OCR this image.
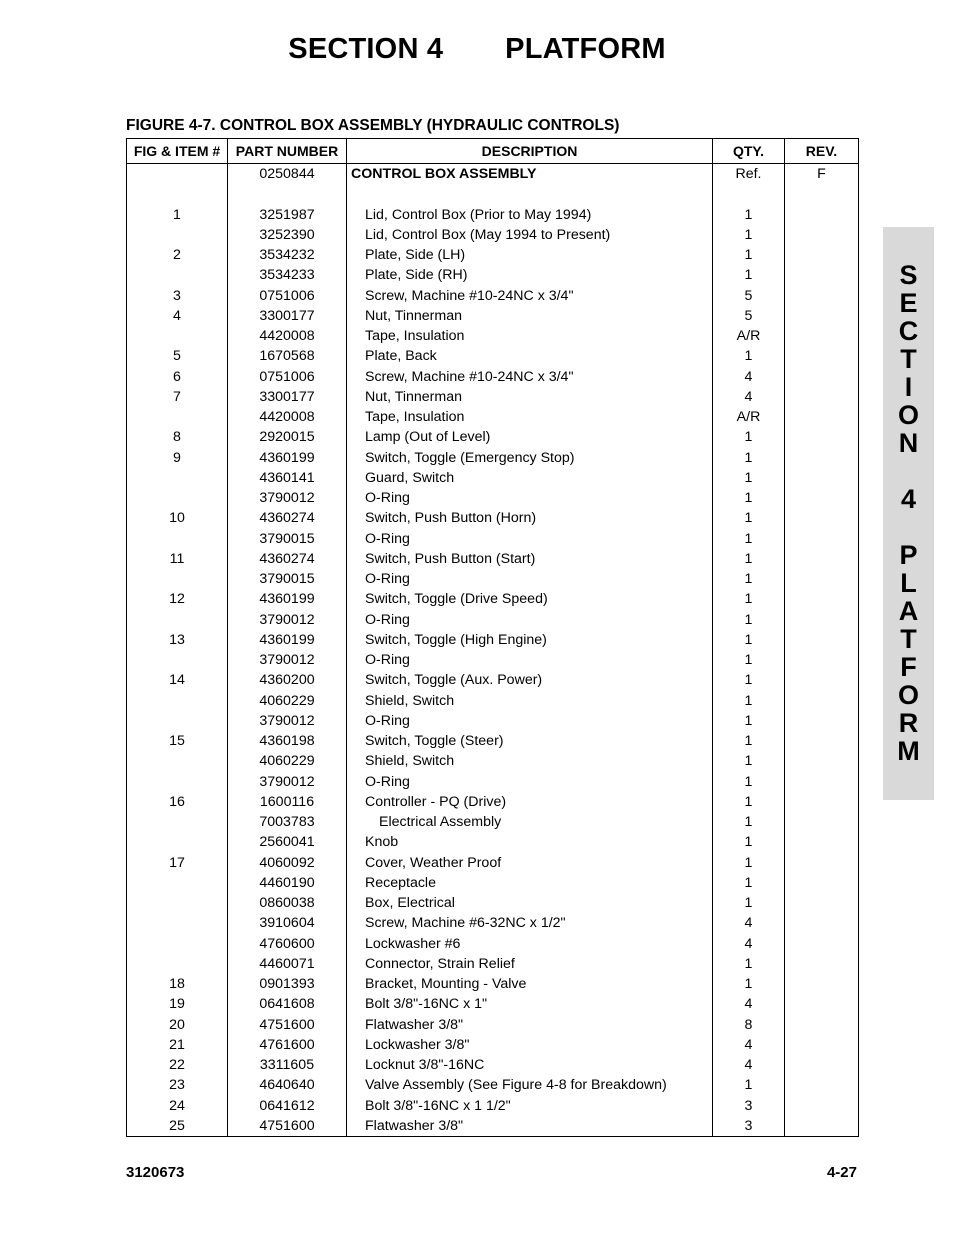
SECTION 4 PLATFORM
FIGURE 4-7. CONTROL BOX ASSEMBLY (HYDRAULIC CONTROLS)
FIG & ITEM #	PART NUMBER	DESCRIPTION	QTY.	REV.
	0250844	CONTROL BOX ASSEMBLY	Ref.	F

1	3251987	Lid, Control Box (Prior to May 1994)	1	
	3252390	Lid, Control Box (May 1994 to Present)	1	
2	3534232	Plate, Side (LH)	1	
	3534233	Plate, Side (RH)	1	
3	0751006	Screw, Machine #10-24NC x 3/4"	5	
4	3300177	Nut, Tinnerman	5	
	4420008	Tape, Insulation	A/R	
5	1670568	Plate, Back	1	
6	0751006	Screw, Machine #10-24NC x 3/4"	4	
7	3300177	Nut, Tinnerman	4	
	4420008	Tape, Insulation	A/R	
8	2920015	Lamp (Out of Level)	1	
9	4360199	Switch, Toggle (Emergency Stop)	1	
	4360141	Guard, Switch	1	
	3790012	O-Ring	1	
10	4360274	Switch, Push Button (Horn)	1	
	3790015	O-Ring	1	
11	4360274	Switch, Push Button (Start)	1	
	3790015	O-Ring	1	
12	4360199	Switch, Toggle (Drive Speed)	1	
	3790012	O-Ring	1	
13	4360199	Switch, Toggle (High Engine)	1	
	3790012	O-Ring	1	
14	4360200	Switch, Toggle (Aux. Power)	1	
	4060229	Shield, Switch	1	
	3790012	O-Ring	1	
15	4360198	Switch, Toggle (Steer)	1	
	4060229	Shield, Switch	1	
	3790012	O-Ring	1	
16	1600116	Controller - PQ (Drive)	1	
	7003783	Electrical Assembly	1	
	2560041	Knob	1	
17	4060092	Cover, Weather Proof	1	
	4460190	Receptacle	1	
	0860038	Box, Electrical	1	
	3910604	Screw, Machine #6-32NC x 1/2"	4	
	4760600	Lockwasher #6	4	
	4460071	Connector, Strain Relief	1	
18	0901393	Bracket, Mounting - Valve	1	
19	0641608	Bolt 3/8"-16NC x 1"	4	
20	4751600	Flatwasher 3/8"	8	
21	4761600	Lockwasher 3/8"	4	
22	3311605	Locknut 3/8"-16NC	4	
23	4640640	Valve Assembly (See Figure 4-8 for Breakdown)	1	
24	0641612	Bolt 3/8"-16NC x 1 1/2"	3	
25	4751600	Flatwasher 3/8"	3	
S
E
C
T
I
O
N
4
P
L
A
T
F
O
R
M
3120673	4-27
